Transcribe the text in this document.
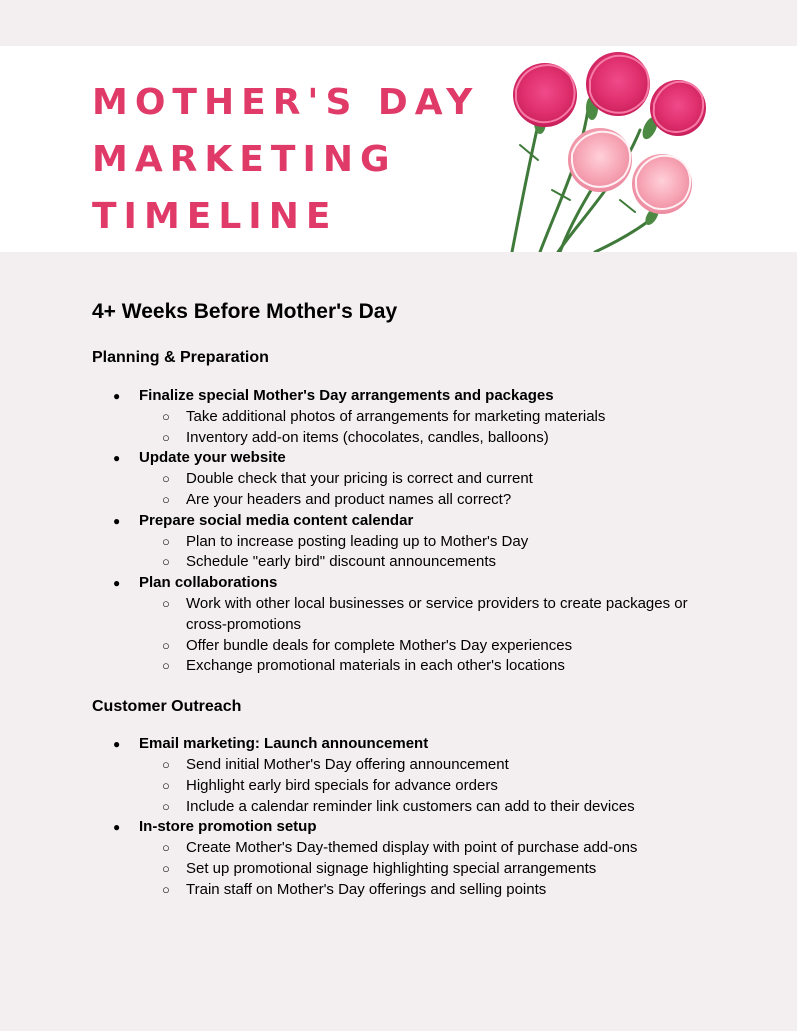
MOTHER'S DAY
MARKETING
TIMELINE
4+ Weeks Before Mother's Day
Planning & Preparation
● Finalize special Mother's Day arrangements and packages
○ Take additional photos of arrangements for marketing materials
○ Inventory add-on items (chocolates, candles, balloons)
● Update your website
○ Double check that your pricing is correct and current
○ Are your headers and product names all correct?
● Prepare social media content calendar
○ Plan to increase posting leading up to Mother's Day
○ Schedule "early bird" discount announcements
● Plan collaborations
○ Work with other local businesses or service providers to create packages or cross-promotions
○ Offer bundle deals for complete Mother's Day experiences
○ Exchange promotional materials in each other's locations
Customer Outreach
● Email marketing: Launch announcement
○ Send initial Mother's Day offering announcement
○ Highlight early bird specials for advance orders
○ Include a calendar reminder link customers can add to their devices
● In-store promotion setup
○ Create Mother's Day-themed display with point of purchase add-ons
○ Set up promotional signage highlighting special arrangements
○ Train staff on Mother's Day offerings and selling points
